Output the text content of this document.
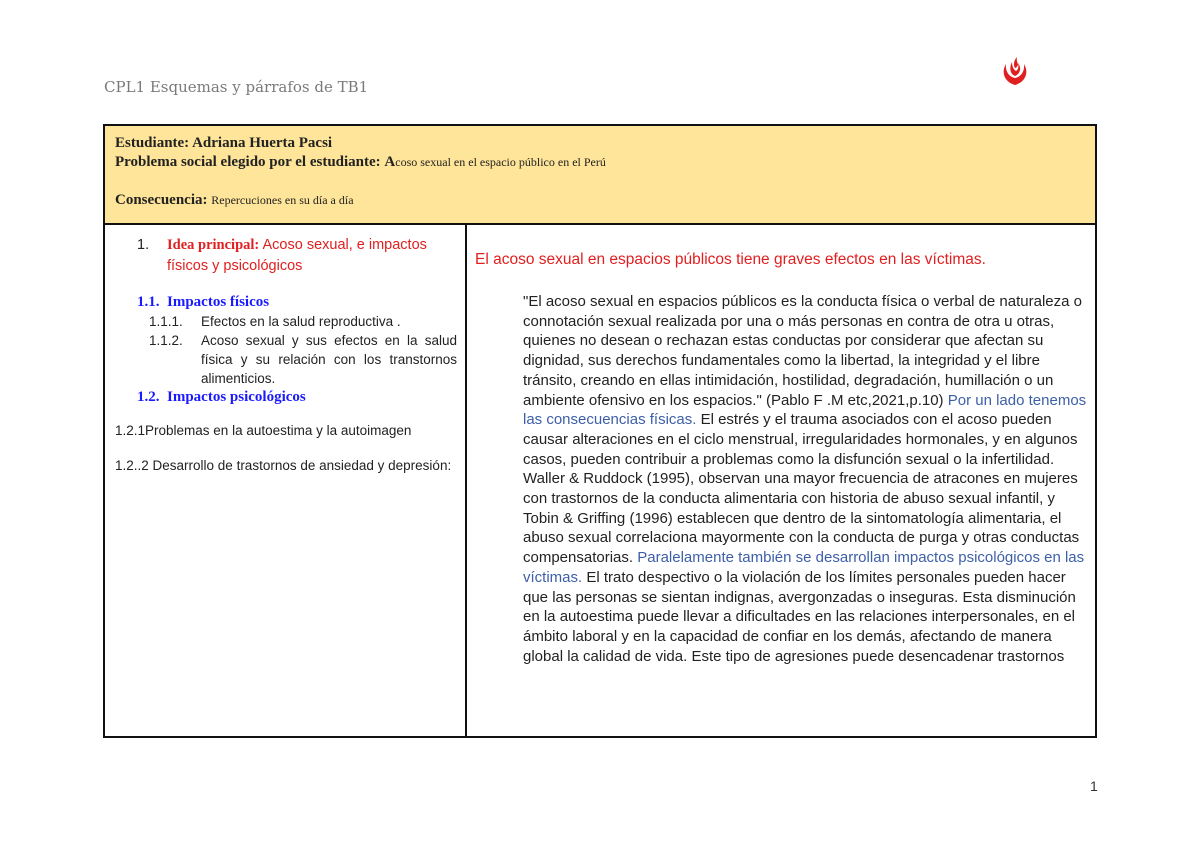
CPL1 Esquemas y párrafos de TB1
Estudiante: Adriana Huerta Pacsi
Problema social elegido por el estudiante: Acoso sexual en el espacio público en el Perú
Consecuencia: Repercuciones en su día a día
1. Idea principal: Acoso sexual, e impactos físicos y psicológicos
1.1. Impactos físicos
1.1.1. Efectos en la salud reproductiva .
1.1.2. Acoso sexual y sus efectos en la salud física y su relación con los transtornos alimenticios.
1.2. Impactos psicológicos
1.2.1Problemas en la autoestima y la autoimagen
1.2..2 Desarrollo de trastornos de ansiedad y depresión:
El acoso sexual en espacios públicos tiene graves efectos en las víctimas.
"El acoso sexual en espacios públicos es la conducta física o verbal de naturaleza o connotación sexual realizada por una o más personas en contra de otra u otras, quienes no desean o rechazan estas conductas por considerar que afectan su dignidad, sus derechos fundamentales como la libertad, la integridad y el libre tránsito, creando en ellas intimidación, hostilidad, degradación, humillación o un ambiente ofensivo en los espacios." (Pablo F .M etc,2021,p.10) Por un lado tenemos las consecuencias físicas. El estrés y el trauma asociados con el acoso pueden causar alteraciones en el ciclo menstrual, irregularidades hormonales, y en algunos casos, pueden contribuir a problemas como la disfunción sexual o la infertilidad. Waller & Ruddock (1995), observan una mayor frecuencia de atracones en mujeres con trastornos de la conducta alimentaria con historia de abuso sexual infantil, y Tobin & Griffing (1996) establecen que dentro de la sintomatología alimentaria, el abuso sexual correlaciona mayormente con la conducta de purga y otras conductas compensatorias. Paralelamente también se desarrollan impactos psicológicos en las víctimas. El trato despectivo o la violación de los límites personales pueden hacer que las personas se sientan indignas, avergonzadas o inseguras. Esta disminución en la autoestima puede llevar a dificultades en las relaciones interpersonales, en el ámbito laboral y en la capacidad de confiar en los demás, afectando de manera global la calidad de vida. Este tipo de agresiones puede desencadenar trastornos
1
